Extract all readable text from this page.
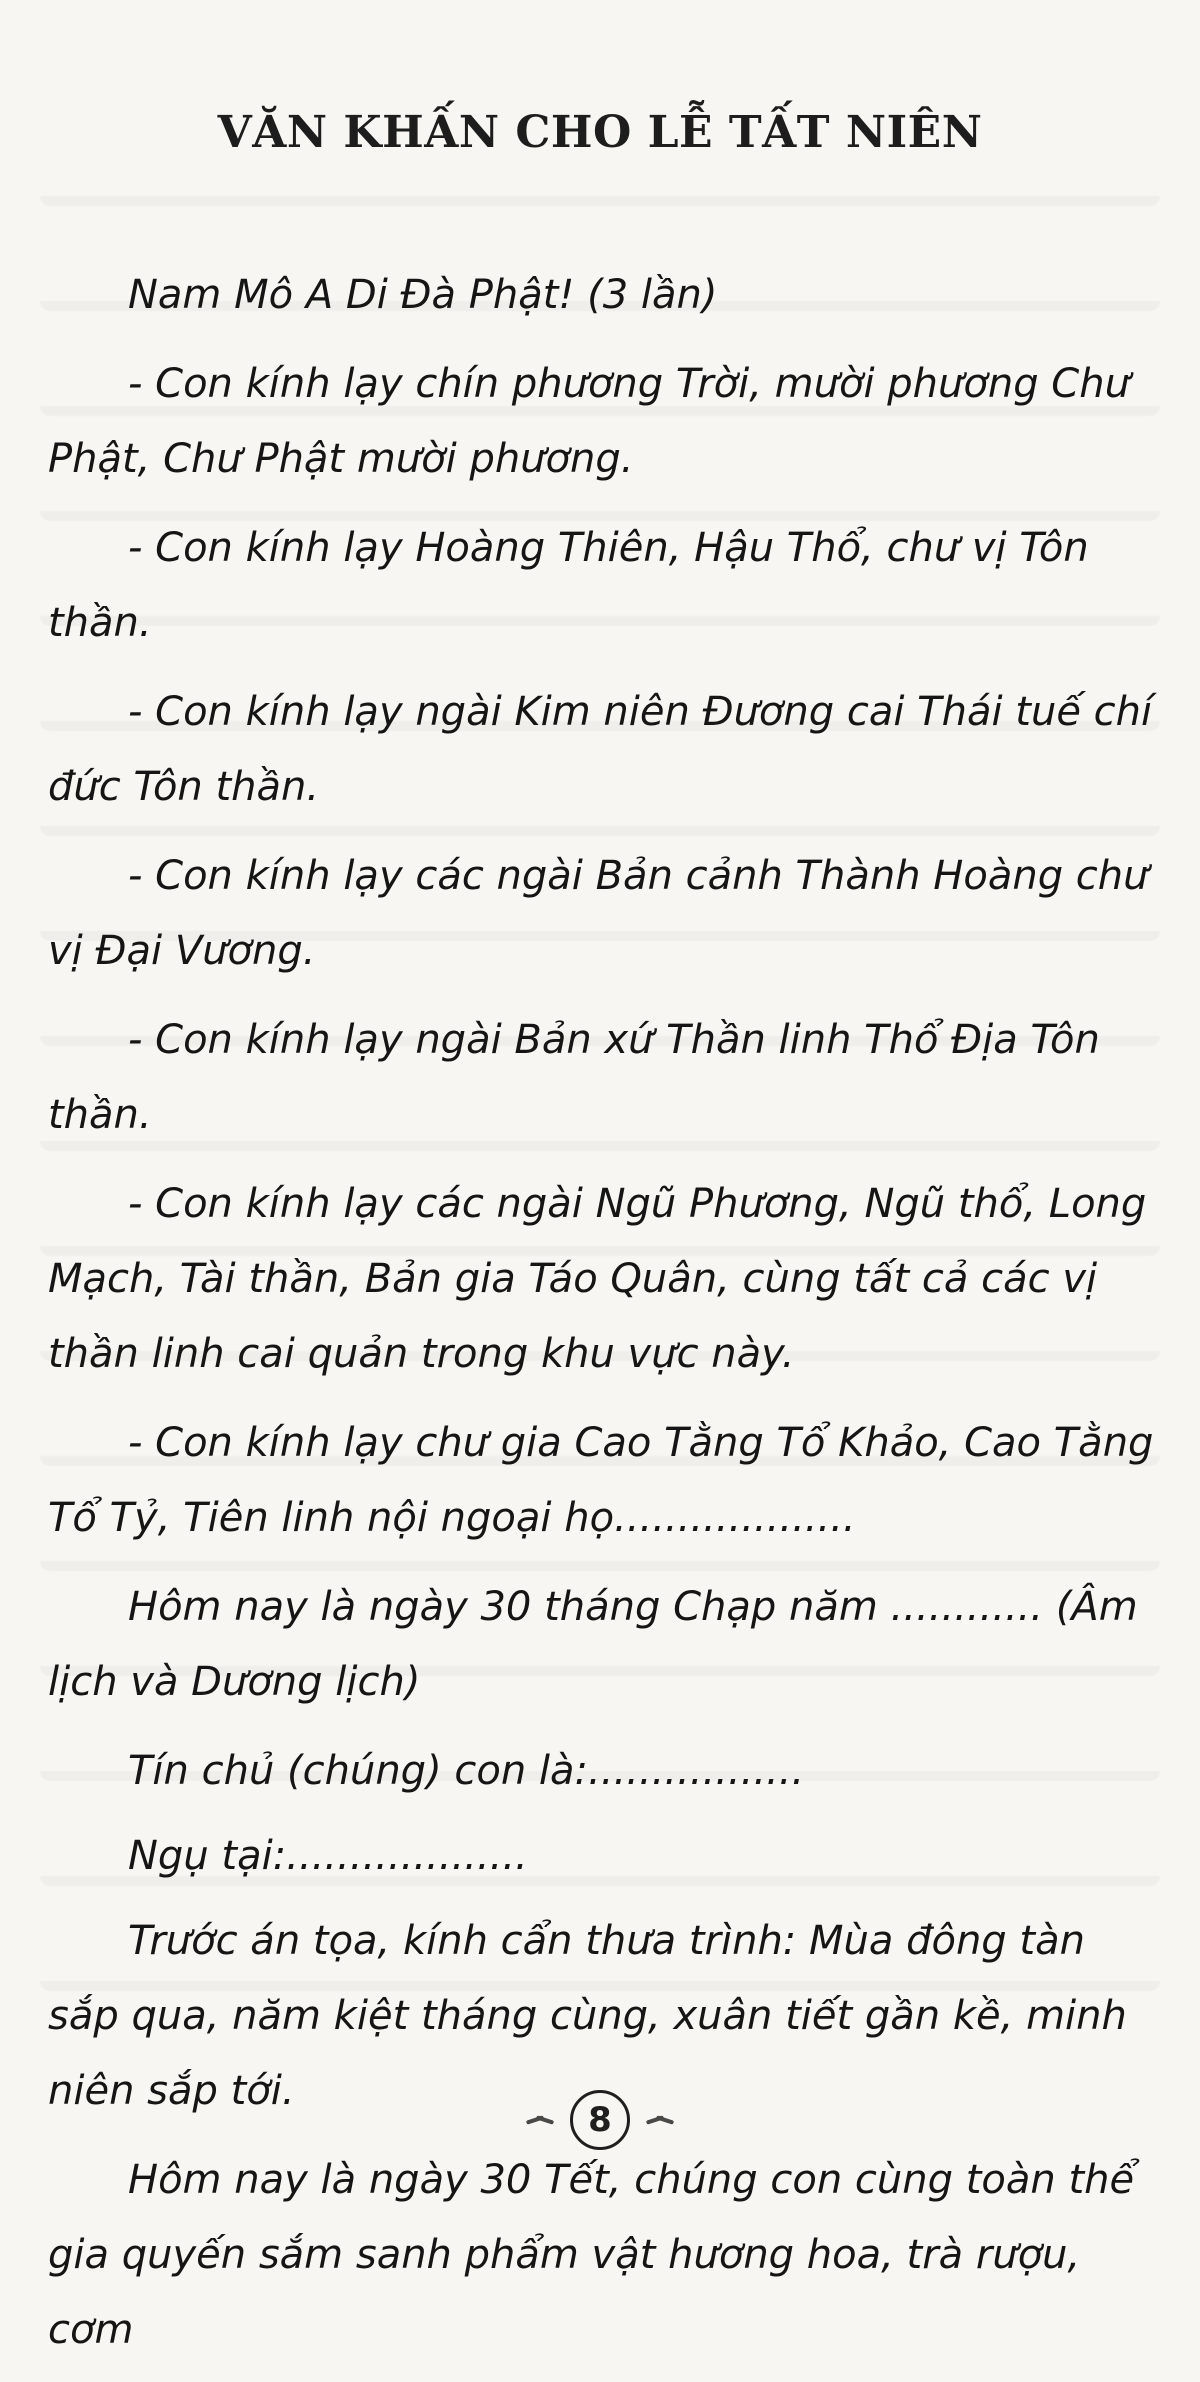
VĂN KHẤN CHO LỄ TẤT NIÊN

Nam Mô A Di Đà Phật! (3 lần)

- Con kính lạy chín phương Trời, mười phương Chư Phật, Chư Phật mười phương.

- Con kính lạy Hoàng Thiên, Hậu Thổ, chư vị Tôn thần.

- Con kính lạy ngài Kim niên Đương cai Thái tuế chí đức Tôn thần.

- Con kính lạy các ngài Bản cảnh Thành Hoàng chư vị Đại Vương.

- Con kính lạy ngài Bản xứ Thần linh Thổ Địa Tôn thần.

- Con kính lạy các ngài Ngũ Phương, Ngũ thổ, Long Mạch, Tài thần, Bản gia Táo Quân, cùng tất cả các vị thần linh cai quản trong khu vực này.

- Con kính lạy chư gia Cao Tằng Tổ Khảo, Cao Tằng Tổ Tỷ, Tiên linh nội ngoại họ...................

Hôm nay là ngày 30 tháng Chạp năm ............ (Âm lịch và Dương lịch)

Tín chủ (chúng) con là:.................

Ngụ tại:...................

Trước án tọa, kính cẩn thưa trình: Mùa đông tàn sắp qua, năm kiệt tháng cùng, xuân tiết gần kề, minh niên sắp tới.

Hôm nay là ngày 30 Tết, chúng con cùng toàn thể gia quyến sắm sanh phẩm vật hương hoa, trà rượu, cơm

8
